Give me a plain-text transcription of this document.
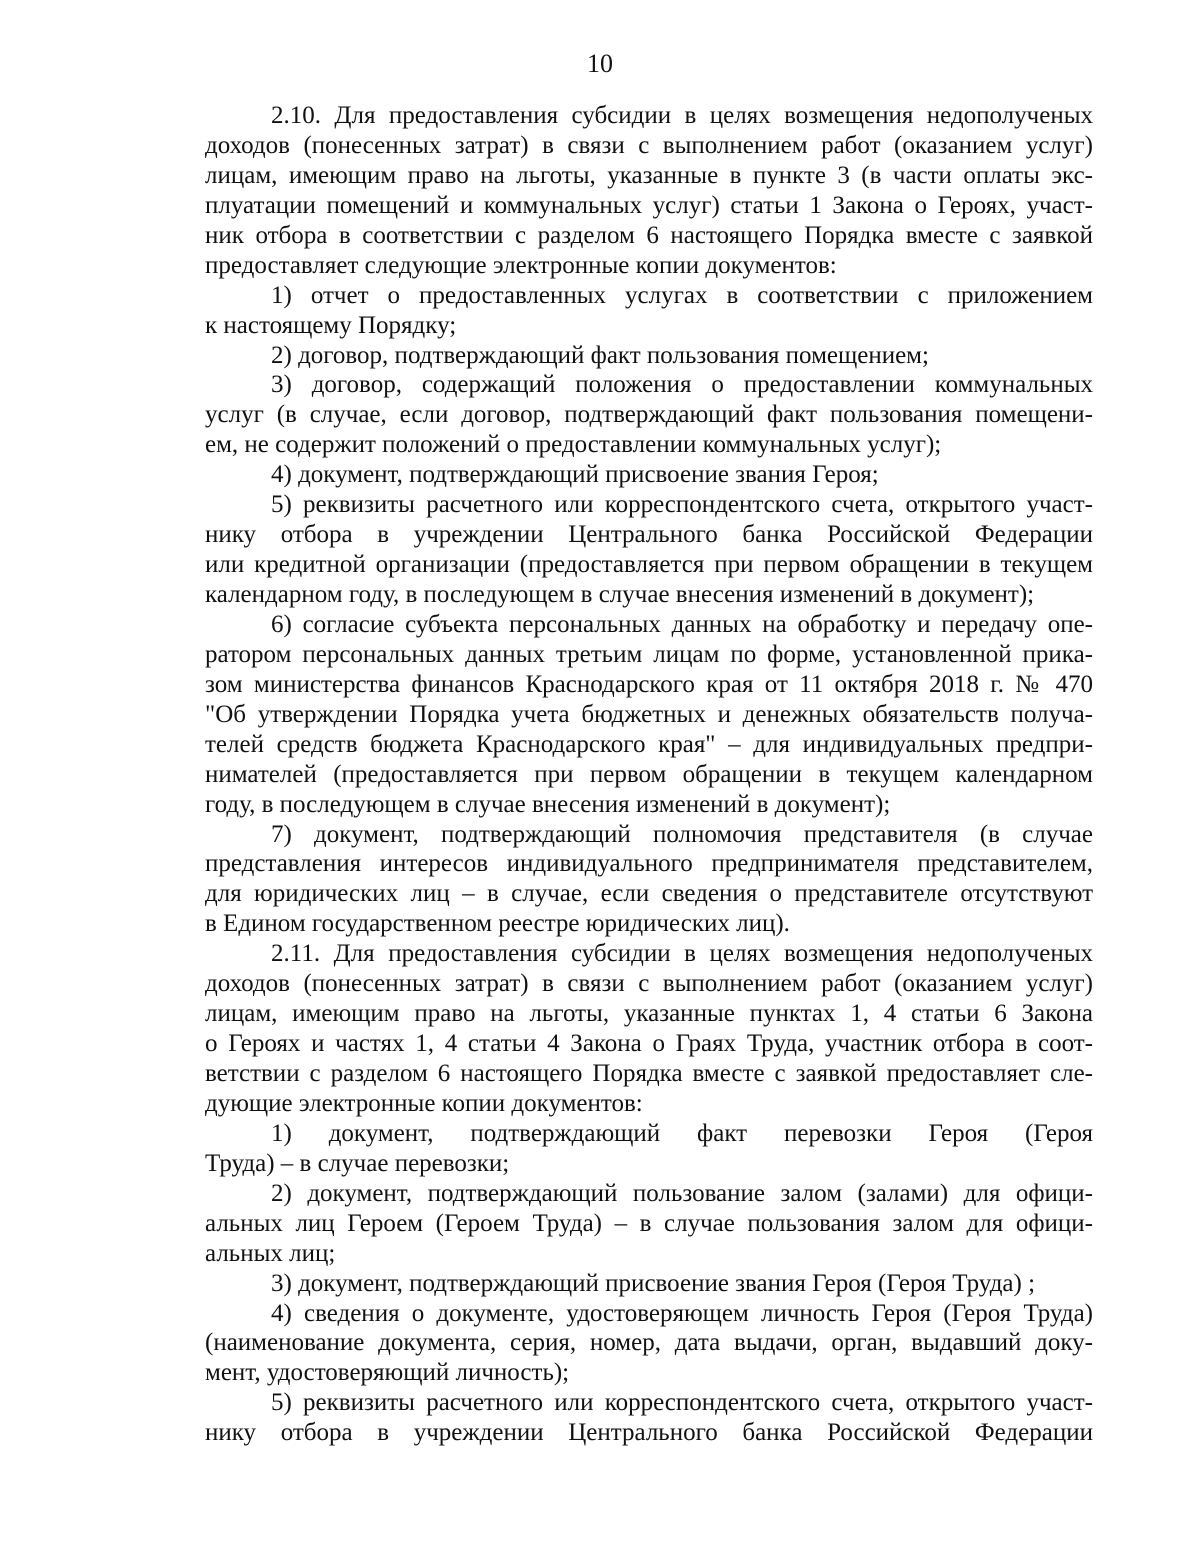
10
2.10. Для предоставления субсидии в целях возмещения недополученых
доходов (понесенных затрат) в связи с выполнением работ (оказанием услуг)
лицам, имеющим право на льготы, указанные в пункте 3 (в части оплаты экс-
плуатации помещений и коммунальных услуг) статьи 1 Закона о Героях, участ-
ник отбора в соответствии с разделом 6 настоящего Порядка вместе с заявкой
предоставляет следующие электронные копии документов:
1) отчет о предоставленных услугах в соответствии с приложением
к настоящему Порядку;
2) договор, подтверждающий факт пользования помещением;
3) договор, содержащий положения о предоставлении коммунальных
услуг (в случае, если договор, подтверждающий факт пользования помещени-
ем, не содержит положений о предоставлении коммунальных услуг);
4) документ, подтверждающий присвоение звания Героя;
5) реквизиты расчетного или корреспондентского счета, открытого участ-
нику отбора в учреждении Центрального банка Российской Федерации
или кредитной организации (предоставляется при первом обращении в текущем
календарном году, в последующем в случае внесения изменений в документ);
6) согласие субъекта персональных данных на обработку и передачу опе-
ратором персональных данных третьим лицам по форме, установленной прика-
зом министерства финансов Краснодарского края от 11 октября 2018 г. № 470
"Об утверждении Порядка учета бюджетных и денежных обязательств получа-
телей средств бюджета Краснодарского края" – для индивидуальных предпри-
нимателей (предоставляется при первом обращении в текущем календарном
году, в последующем в случае внесения изменений в документ);
7) документ, подтверждающий полномочия представителя (в случае
представления интересов индивидуального предпринимателя представителем,
для юридических лиц – в случае, если сведения о представителе отсутствуют
в Едином государственном реестре юридических лиц).
2.11. Для предоставления субсидии в целях возмещения недополученых
доходов (понесенных затрат) в связи с выполнением работ (оказанием услуг)
лицам, имеющим право на льготы, указанные пунктах 1, 4 статьи 6 Закона
о Героях и частях 1, 4 статьи 4 Закона о Граях Труда, участник отбора в соот-
ветствии с разделом 6 настоящего Порядка вместе с заявкой предоставляет сле-
дующие электронные копии документов:
1) документ, подтверждающий факт перевозки Героя (Героя
Труда) – в случае перевозки;
2) документ, подтверждающий пользование залом (залами) для офици-
альных лиц Героем (Героем Труда) – в случае пользования залом для офици-
альных лиц;
3) документ, подтверждающий присвоение звания Героя (Героя Труда) ;
4) сведения о документе, удостоверяющем личность Героя (Героя Труда)
(наименование документа, серия, номер, дата выдачи, орган, выдавший доку-
мент, удостоверяющий личность);
5) реквизиты расчетного или корреспондентского счета, открытого участ-
нику отбора в учреждении Центрального банка Российской Федерации
